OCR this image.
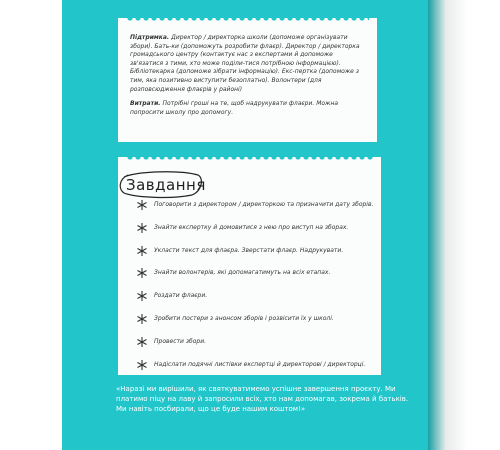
Підтримка. Директор / директорка школи (допоможе організувати збори). Бать-ки (допоможуть розробити флаєр). Директор / директорка громадського центру (контактує нас з експертами й допоможе зв'язатися з тими, хто може поділи-тися потрібною інформацією). Бібліотекарка (допоможе зібрати інформацію). Екс-пертка (допоможе з тим, яка позитивно виступити безоплатно). Волонтери (для розповсюдження флаєрів у районі)

Витрати. Потрібні гроші на те, щоб надрукувати флаєри. Можна попросити школу про допомогу.

Завдання
Поговорити з директором / директоркою та призначити дату зборів.
Знайти експертку й домовитися з нею про виступ на зборах.
Укласти текст для флаєра. Зверстати флаєр. Надрукувати.
Знайти волонтерів, які допомагатимуть на всіх етапах.
Роздати флаєри.
Зробити постери з анонсом зборів і розвісити їх у школі.
Провести збори.
Надіслати подячні листівки експертці й директорові / директорці.
«Наразі ми вирішили, як святкуватимемо успішне завершення проєкту. Ми платимо піцу на лаву й запросили всіх, хто нам допомагав, зокрема й батьків. Ми навіть посбирали, що це буде нашим коштом!»
